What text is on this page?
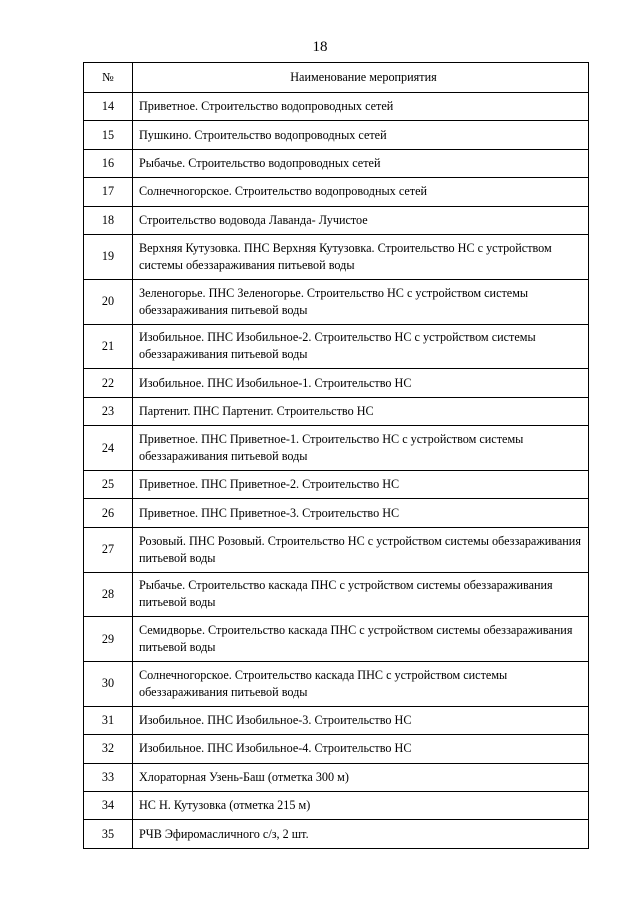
18
№	Наименование мероприятия
14	Приветное. Строительство водопроводных сетей
15	Пушкино. Строительство водопроводных сетей
16	Рыбачье. Строительство водопроводных сетей
17	Солнечногорское. Строительство водопроводных сетей
18	Строительство водовода Лаванда- Лучистое
19	Верхняя Кутузовка. ПНС Верхняя Кутузовка. Строительство НС с устройством системы обеззараживания питьевой воды
20	Зеленогорье. ПНС Зеленогорье. Строительство НС с устройством системы обеззараживания питьевой воды
21	Изобильное. ПНС Изобильное-2. Строительство НС с устройством системы обеззараживания питьевой воды
22	Изобильное. ПНС Изобильное-1. Строительство НС
23	Партенит. ПНС Партенит. Строительство НС
24	Приветное. ПНС Приветное-1. Строительство НС с устройством системы обеззараживания питьевой воды
25	Приветное. ПНС Приветное-2. Строительство НС
26	Приветное. ПНС Приветное-3. Строительство НС
27	Розовый. ПНС Розовый. Строительство НС с устройством системы обеззараживания питьевой воды
28	Рыбачье. Строительство каскада ПНС с устройством системы обеззараживания питьевой воды
29	Семидворье. Строительство каскада ПНС с устройством системы обеззараживания питьевой воды
30	Солнечногорское. Строительство каскада ПНС с устройством системы обеззараживания питьевой воды
31	Изобильное. ПНС Изобильное-3. Строительство НС
32	Изобильное. ПНС Изобильное-4. Строительство НС
33	Хлораторная Узень-Баш (отметка 300 м)
34	НС Н. Кутузовка (отметка 215 м)
35	РЧВ Эфиромасличного с/з, 2 шт.
